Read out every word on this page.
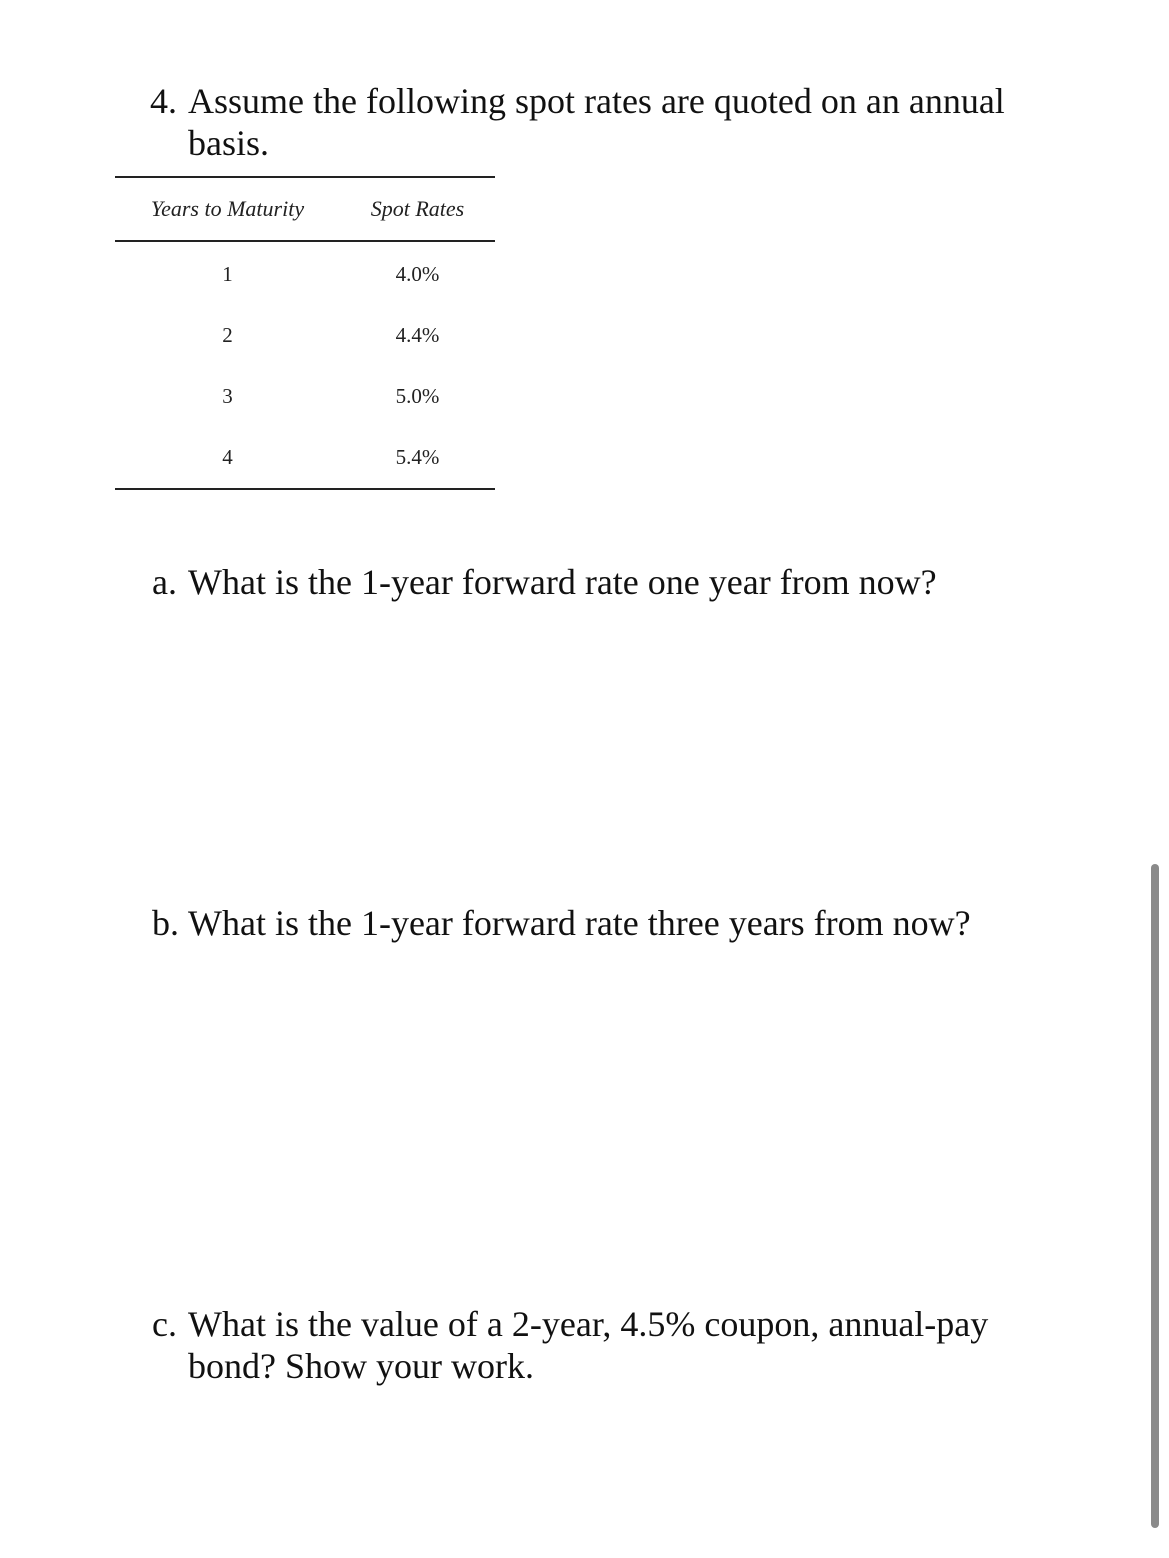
4. Assume the following spot rates are quoted on an annual
basis.
Years to Maturity	Spot Rates
1	4.0%
2	4.4%
3	5.0%
4	5.4%
a. What is the 1-year forward rate one year from now?
b. What is the 1-year forward rate three years from now?
c. What is the value of a 2-year, 4.5% coupon, annual-pay
bond? Show your work.
